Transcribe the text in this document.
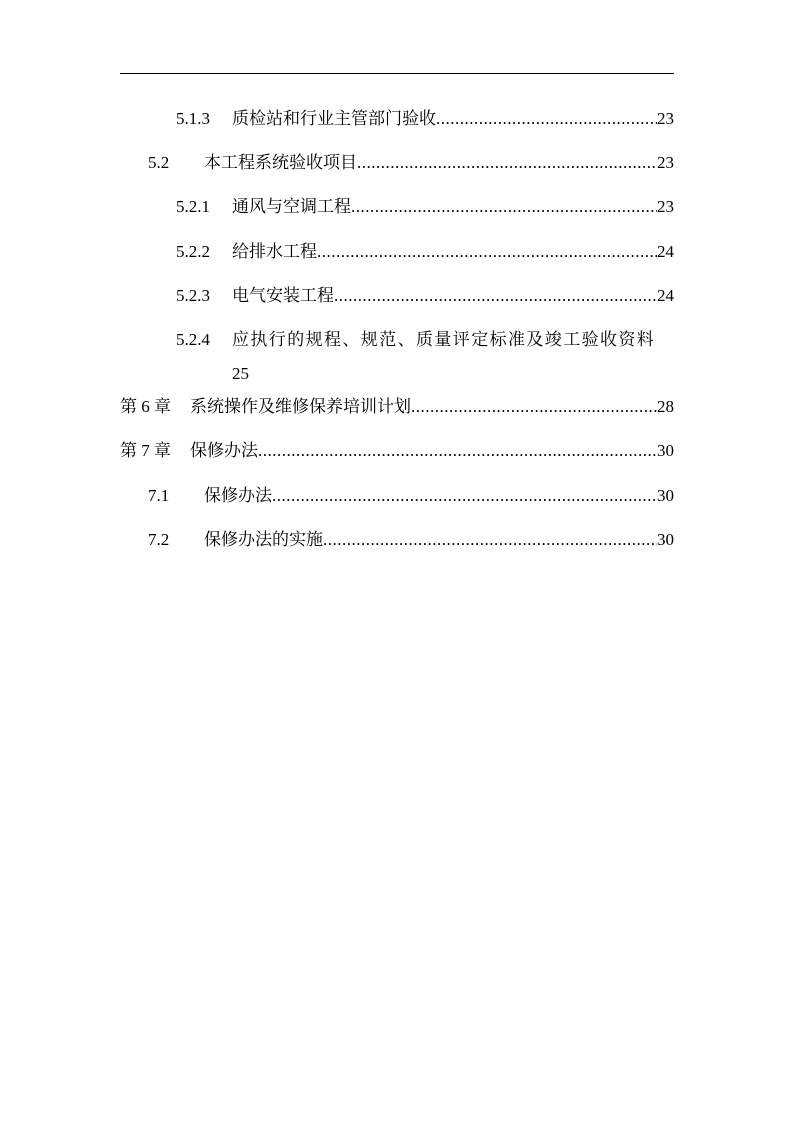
5.1.3	质检站和行业主管部门验收 .....	23
5.2	本工程系统验收项目 .....	23
5.2.1	通风与空调工程 .....	23
5.2.2	给排水工程 .....	24
5.2.3	电气安装工程 .....	24
5.2.4	应执行的规程、规范、质量评定标准及竣工验收资料
25
第 6 章	系统操作及维修保养培训计划 .....	28
第 7 章	保修办法 .....	30
7.1	保修办法 .....	30
7.2	保修办法的实施 .....	30
